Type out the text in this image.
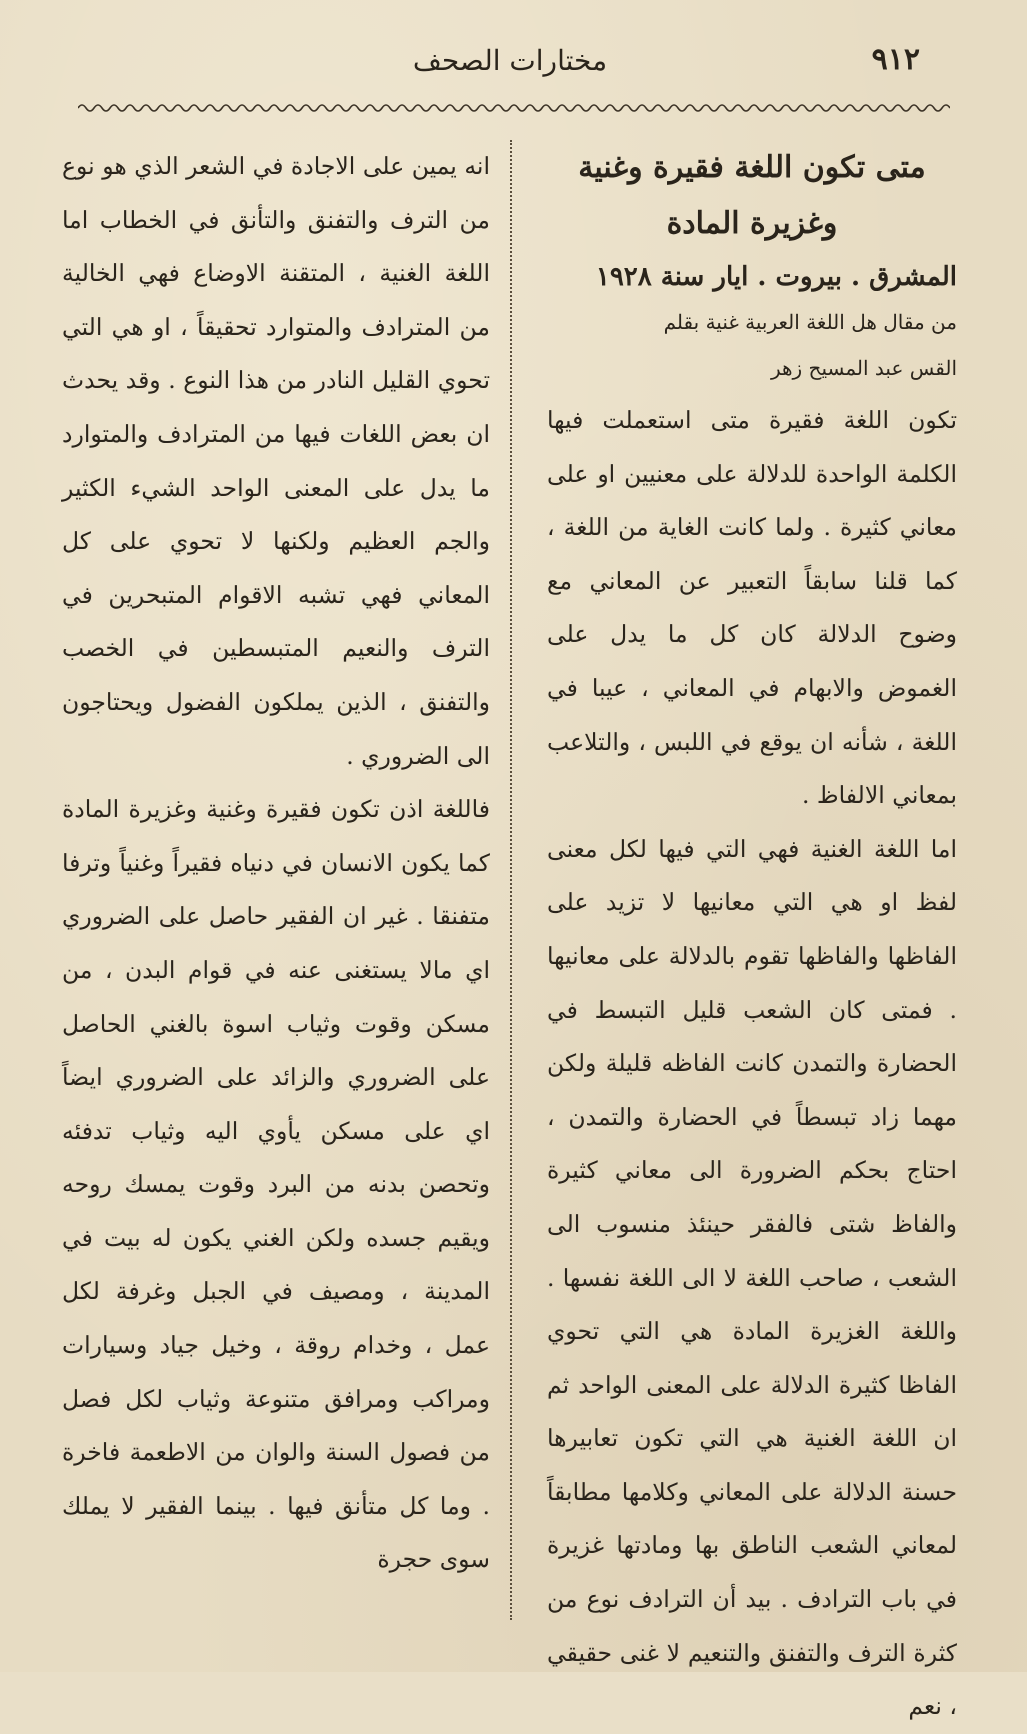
٩١٢
مختارات الصحف

متى تكون اللغة فقيرة وغنية وغزيرة المادة

المشرق . بيروت . ايار سنة ١٩٢٨

من مقال هل اللغة العربية غنية بقلم

القس عبد المسيح زهر

تكون اللغة فقيرة متى استعملت فيها الكلمة الواحدة للدلالة على معنيين او على معاني كثيرة . ولما كانت الغاية من اللغة ، كما قلنا سابقاً التعبير عن المعاني مع وضوح الدلالة كان كل ما يدل على الغموض والابهام في المعاني ، عيبا في اللغة ، شأنه ان يوقع في اللبس ، والتلاعب بمعاني الالفاظ .

اما اللغة الغنية فهي التي فيها لكل معنى لفظ او هي التي معانيها لا تزيد على الفاظها والفاظها تقوم بالدلالة على معانيها . فمتى كان الشعب قليل التبسط في الحضارة والتمدن كانت الفاظه قليلة ولكن مهما زاد تبسطاً في الحضارة والتمدن ، احتاج بحكم الضرورة الى معاني كثيرة والفاظ شتى فالفقر حينئذ منسوب الى الشعب ، صاحب اللغة لا الى اللغة نفسها . واللغة الغزيرة المادة هي التي تحوي الفاظا كثيرة الدلالة على المعنى الواحد ثم ان اللغة الغنية هي التي تكون تعابيرها حسنة الدلالة على المعاني وكلامها مطابقاً لمعاني الشعب الناطق بها ومادتها غزيرة في باب الترادف . بيد أن الترادف نوع من كثرة الترف والتفنق والتنعيم لا غنى حقيقي ، نعم

انه يمين على الاجادة في الشعر الذي هو نوع من الترف والتفنق والتأنق في الخطاب اما اللغة الغنية ، المتقنة الاوضاع فهي الخالية من المترادف والمتوارد تحقيقاً ، او هي التي تحوي القليل النادر من هذا النوع . وقد يحدث ان بعض اللغات فيها من المترادف والمتوارد ما يدل على المعنى الواحد الشيء الكثير والجم العظيم ولكنها لا تحوي على كل المعاني فهي تشبه الاقوام المتبحرين في الترف والنعيم المتبسطين في الخصب والتفنق ، الذين يملكون الفضول ويحتاجون الى الضروري .

فاللغة اذن تكون فقيرة وغنية وغزيرة المادة كما يكون الانسان في دنياه فقيراً وغنياً وترفا متفنقا . غير ان الفقير حاصل على الضروري اي مالا يستغنى عنه في قوام البدن ، من مسكن وقوت وثياب اسوة بالغني الحاصل على الضروري والزائد على الضروري ايضاً اي على مسكن يأوي اليه وثياب تدفئه وتحصن بدنه من البرد وقوت يمسك روحه ويقيم جسده ولكن الغني يكون له بيت في المدينة ، ومصيف في الجبل وغرفة لكل عمل ، وخدام روقة ، وخيل جياد وسيارات ومراكب ومرافق متنوعة وثياب لكل فصل من فصول السنة والوان من الاطعمة فاخرة . وما كل متأنق فيها . بينما الفقير لا يملك سوى حجرة
